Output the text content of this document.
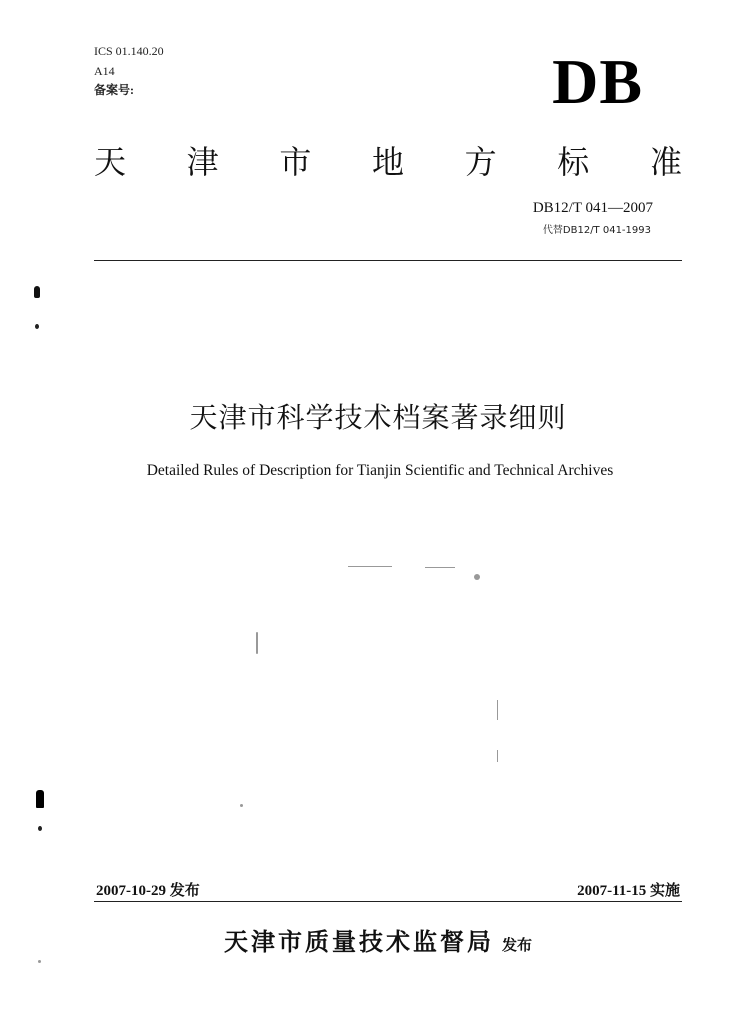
ICS 01.140.20
A14
备案号:	DB
天 津 市 地 方 标 准
DB12/T 041—2007
代替DB12/T 041-1993
天津市科学技术档案著录细则
Detailed Rules of Description for Tianjin Scientific and Technical Archives
2007-10-29 发布	2007-11-15 实施
天津市质量技术监督局 发布
